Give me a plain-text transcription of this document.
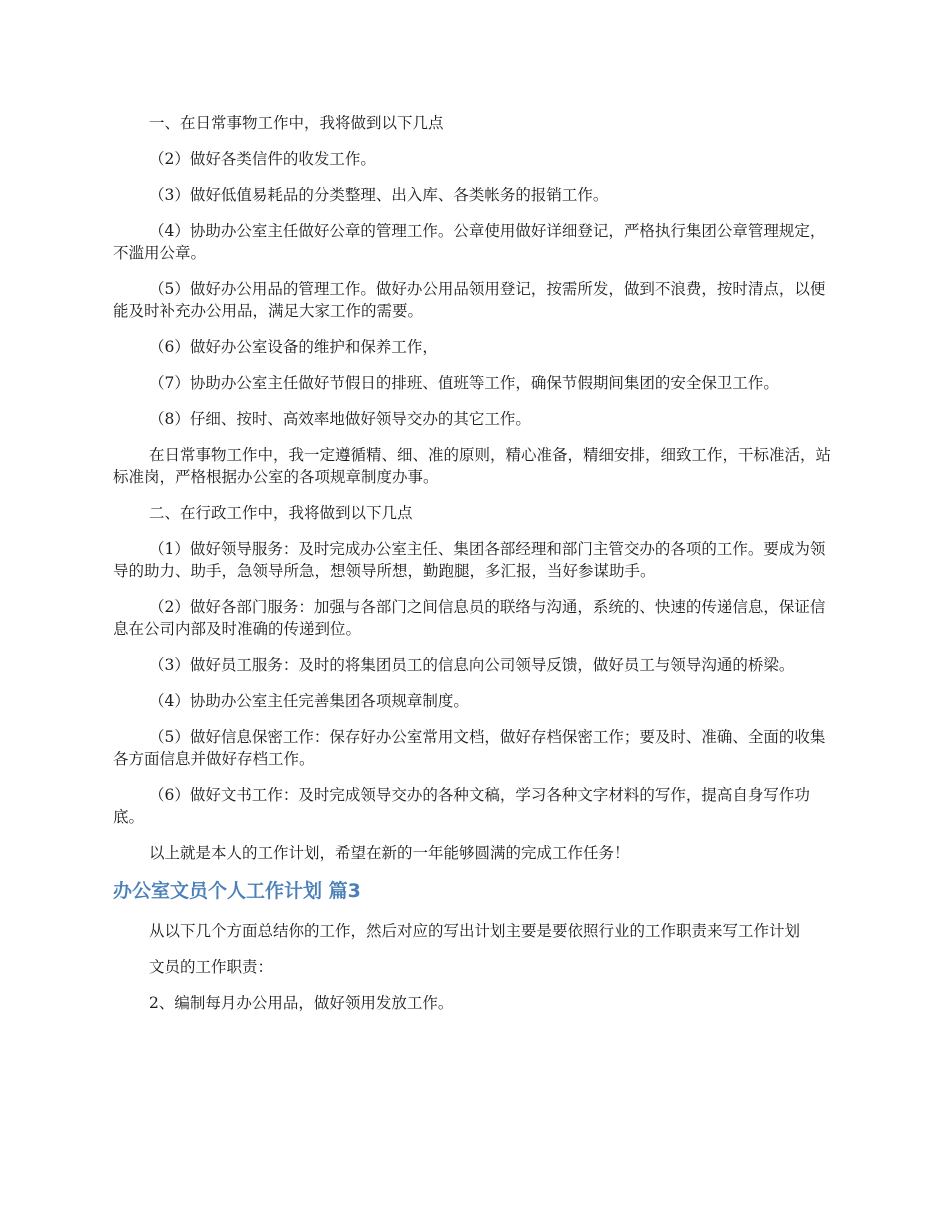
一、在日常事物工作中，我将做到以下几点

（2）做好各类信件的收发工作。

（3）做好低值易耗品的分类整理、出入库、各类帐务的报销工作。

（4）协助办公室主任做好公章的管理工作。公章使用做好详细登记，严格执行集团公章管理规定，不滥用公章。

（5）做好办公用品的管理工作。做好办公用品领用登记，按需所发，做到不浪费，按时清点，以便能及时补充办公用品，满足大家工作的需要。

（6）做好办公室设备的维护和保养工作，

（7）协助办公室主任做好节假日的排班、值班等工作，确保节假期间集团的安全保卫工作。

（8）仔细、按时、高效率地做好领导交办的其它工作。

在日常事物工作中，我一定遵循精、细、准的原则，精心准备，精细安排，细致工作，干标准活，站标准岗，严格根据办公室的各项规章制度办事。

二、在行政工作中，我将做到以下几点

（1）做好领导服务：及时完成办公室主任、集团各部经理和部门主管交办的各项的工作。要成为领导的助力、助手，急领导所急，想领导所想，勤跑腿，多汇报，当好参谋助手。

（2）做好各部门服务：加强与各部门之间信息员的联络与沟通，系统的、快速的传递信息，保证信息在公司内部及时准确的传递到位。

（3）做好员工服务：及时的将集团员工的信息向公司领导反馈，做好员工与领导沟通的桥梁。

（4）协助办公室主任完善集团各项规章制度。

（5）做好信息保密工作：保存好办公室常用文档，做好存档保密工作；要及时、准确、全面的收集各方面信息并做好存档工作。

（6）做好文书工作：及时完成领导交办的各种文稿，学习各种文字材料的写作，提高自身写作功底。

以上就是本人的工作计划，希望在新的一年能够圆满的完成工作任务！

办公室文员个人工作计划 篇3

从以下几个方面总结你的工作，然后对应的写出计划主要是要依照行业的工作职责来写工作计划

文员的工作职责：

2、编制每月办公用品，做好领用发放工作。
